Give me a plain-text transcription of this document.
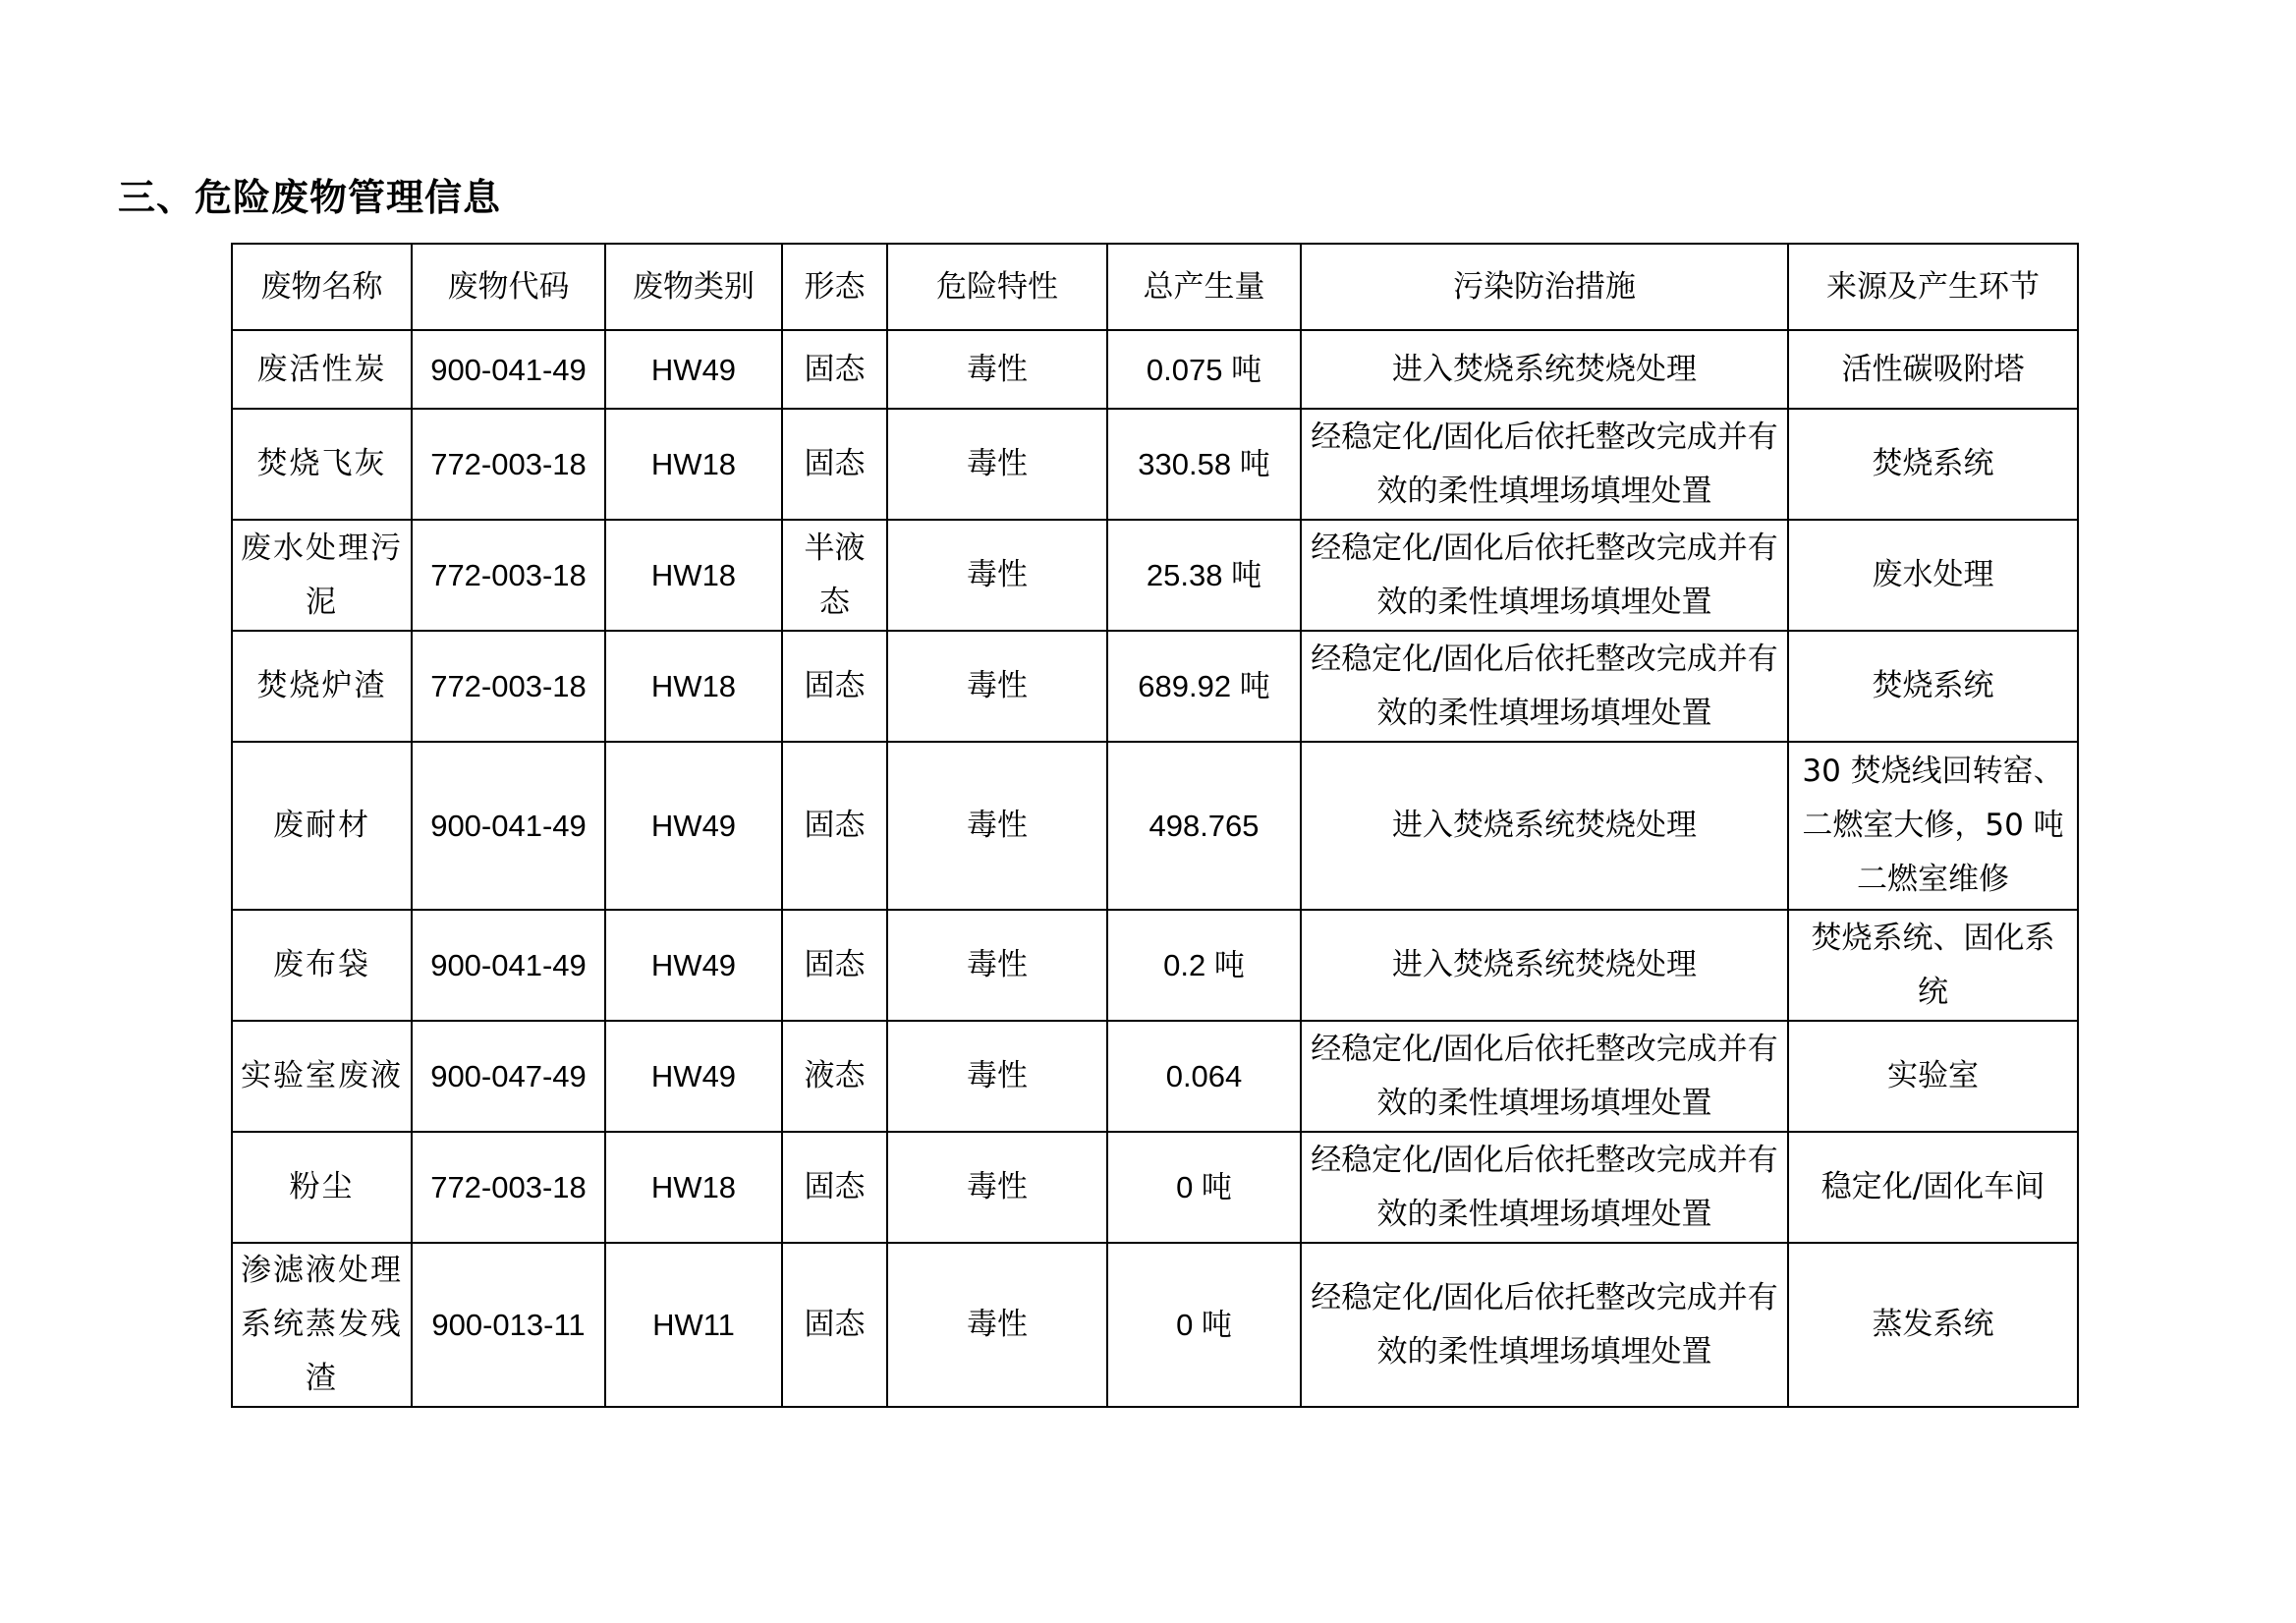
三、危险废物管理信息
废物名称	废物代码	废物类别	形态	危险特性	总产生量	污染防治措施	来源及产生环节
废活性炭	900-041-49	HW49	固态	毒性	0.075 吨	进入焚烧系统焚烧处理	活性碳吸附塔
焚烧飞灰	772-003-18	HW18	固态	毒性	330.58 吨	经稳定化/固化后依托整改完成并有效的柔性填埋场填埋处置	焚烧系统
废水处理污泥	772-003-18	HW18	半液态	毒性	25.38 吨	经稳定化/固化后依托整改完成并有效的柔性填埋场填埋处置	废水处理
焚烧炉渣	772-003-18	HW18	固态	毒性	689.92 吨	经稳定化/固化后依托整改完成并有效的柔性填埋场填埋处置	焚烧系统
废耐材	900-041-49	HW49	固态	毒性	498.765	进入焚烧系统焚烧处理	30 焚烧线回转窑、二燃室大修，50 吨二燃室维修
废布袋	900-041-49	HW49	固态	毒性	0.2 吨	进入焚烧系统焚烧处理	焚烧系统、固化系统
实验室废液	900-047-49	HW49	液态	毒性	0.064	经稳定化/固化后依托整改完成并有效的柔性填埋场填埋处置	实验室
粉尘	772-003-18	HW18	固态	毒性	0 吨	经稳定化/固化后依托整改完成并有效的柔性填埋场填埋处置	稳定化/固化车间
渗滤液处理系统蒸发残渣	900-013-11	HW11	固态	毒性	0 吨	经稳定化/固化后依托整改完成并有效的柔性填埋场填埋处置	蒸发系统
